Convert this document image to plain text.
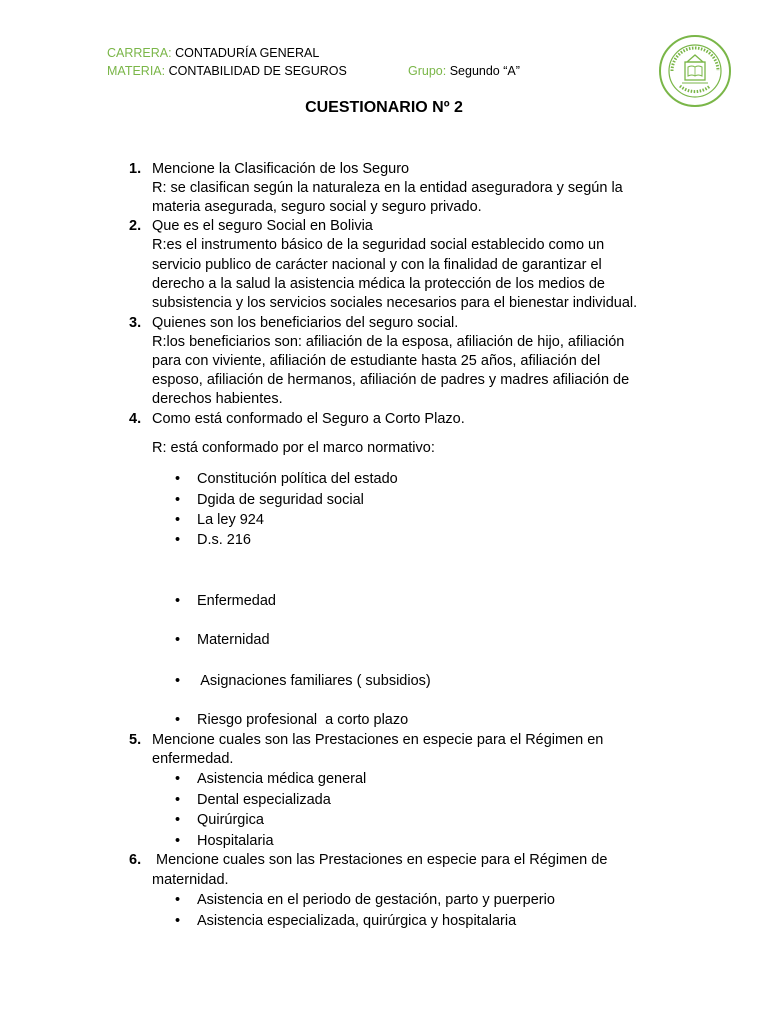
CARRERA: CONTADURÍA GENERAL
MATERIA: CONTABILIDAD DE SEGUROS	Grupo: Segundo “A”
CUESTIONARIO Nº 2
1. Mencione la Clasificación de los Seguro
R: se clasifican según la naturaleza en la entidad aseguradora y según la
materia asegurada, seguro social y seguro privado.
2. Que es el seguro Social en Bolivia
R:es el instrumento básico de la seguridad social establecido como un
servicio publico de carácter nacional y con la finalidad de garantizar el
derecho a la salud la asistencia médica la protección de los medios de
subsistencia y los servicios sociales necesarios para el bienestar individual.
3. Quienes son los beneficiarios del seguro social.
R:los beneficiarios son: afiliación de la esposa, afiliación de hijo, afiliación
para con viviente, afiliación de estudiante hasta 25 años, afiliación del
esposo, afiliación de hermanos, afiliación de padres y madres afiliación de
derechos habientes.
4. Como está conformado el Seguro a Corto Plazo.
R: está conformado por el marco normativo:
• Constitución política del estado
• Dgida de seguridad social
• La ley 924
• D.s. 216
• Enfermedad
• Maternidad
• Asignaciones familiares ( subsidios)
• Riesgo profesional  a corto plazo
5. Mencione cuales son las Prestaciones en especie para el Régimen en
enfermedad.
• Asistencia médica general
• Dental especializada
• Quirúrgica
• Hospitalaria
6. Mencione cuales son las Prestaciones en especie para el Régimen de
maternidad.
• Asistencia en el periodo de gestación, parto y puerperio
• Asistencia especializada, quirúrgica y hospitalaria
